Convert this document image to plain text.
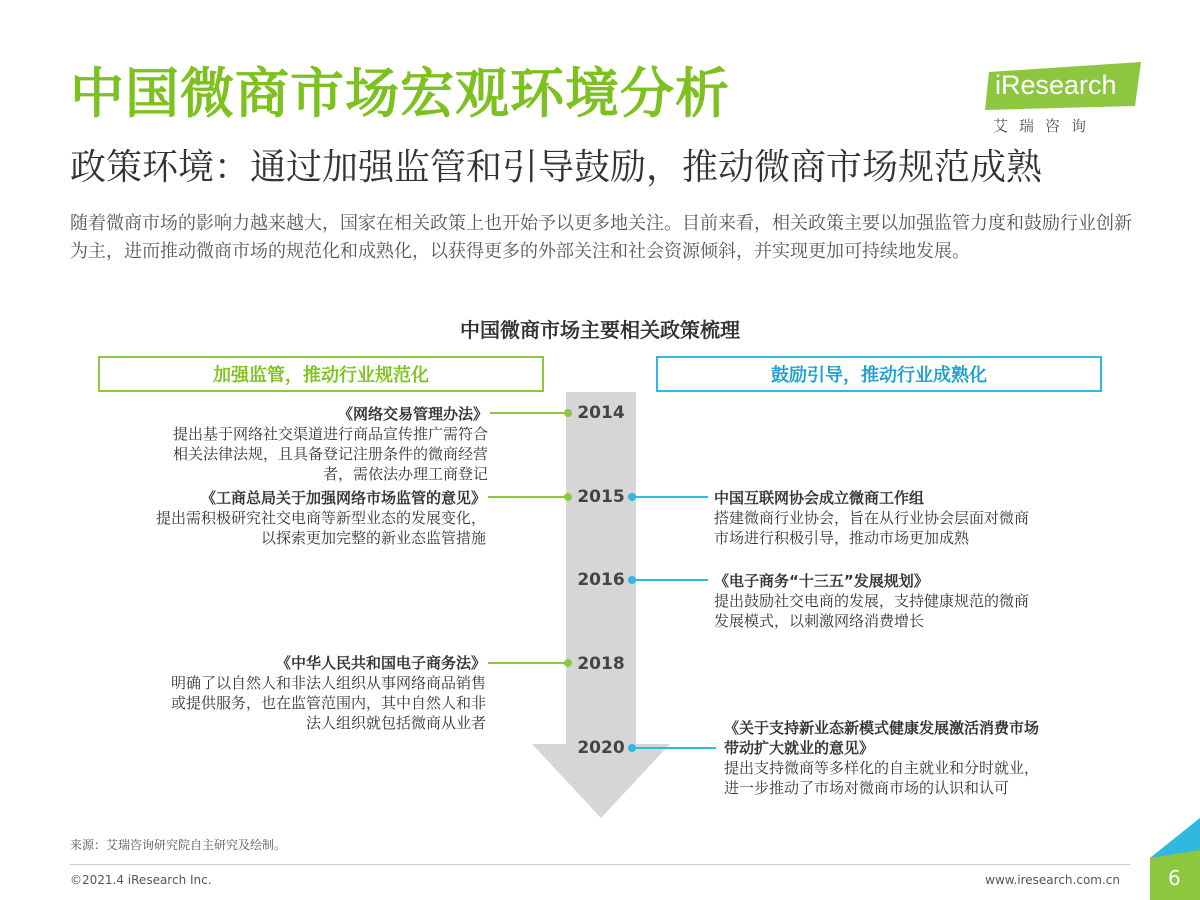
中国微商市场宏观环境分析
政策环境：通过加强监管和引导鼓励，推动微商市场规范成熟
随着微商市场的影响力越来越大，国家在相关政策上也开始予以更多地关注。目前来看，相关政策主要以加强监管力度和鼓励行业创新为主，进而推动微商市场的规范化和成熟化，以获得更多的外部关注和社会资源倾斜，并实现更加可持续地发展。
iResearch
艾瑞咨询
中国微商市场主要相关政策梳理
加强监管，推动行业规范化	鼓励引导，推动行业成熟化
2014
2015
2016
2018
2020
《网络交易管理办法》
提出基于网络社交渠道进行商品宣传推广需符合
相关法律法规，且具备登记注册条件的微商经营
者，需依法办理工商登记
《工商总局关于加强网络市场监管的意见》
提出需积极研究社交电商等新型业态的发展变化，
以探索更加完整的新业态监管措施
《中华人民共和国电子商务法》
明确了以自然人和非法人组织从事网络商品销售
或提供服务，也在监管范围内，其中自然人和非
法人组织就包括微商从业者
中国互联网协会成立微商工作组
搭建微商行业协会，旨在从行业协会层面对微商
市场进行积极引导，推动市场更加成熟
《电子商务“十三五”发展规划》
提出鼓励社交电商的发展，支持健康规范的微商
发展模式，以刺激网络消费增长
《关于支持新业态新模式健康发展激活消费市场
带动扩大就业的意见》
提出支持微商等多样化的自主就业和分时就业，
进一步推动了市场对微商市场的认识和认可
来源：艾瑞咨询研究院自主研究及绘制。
©2021.4 iResearch Inc.	www.iresearch.com.cn 6
